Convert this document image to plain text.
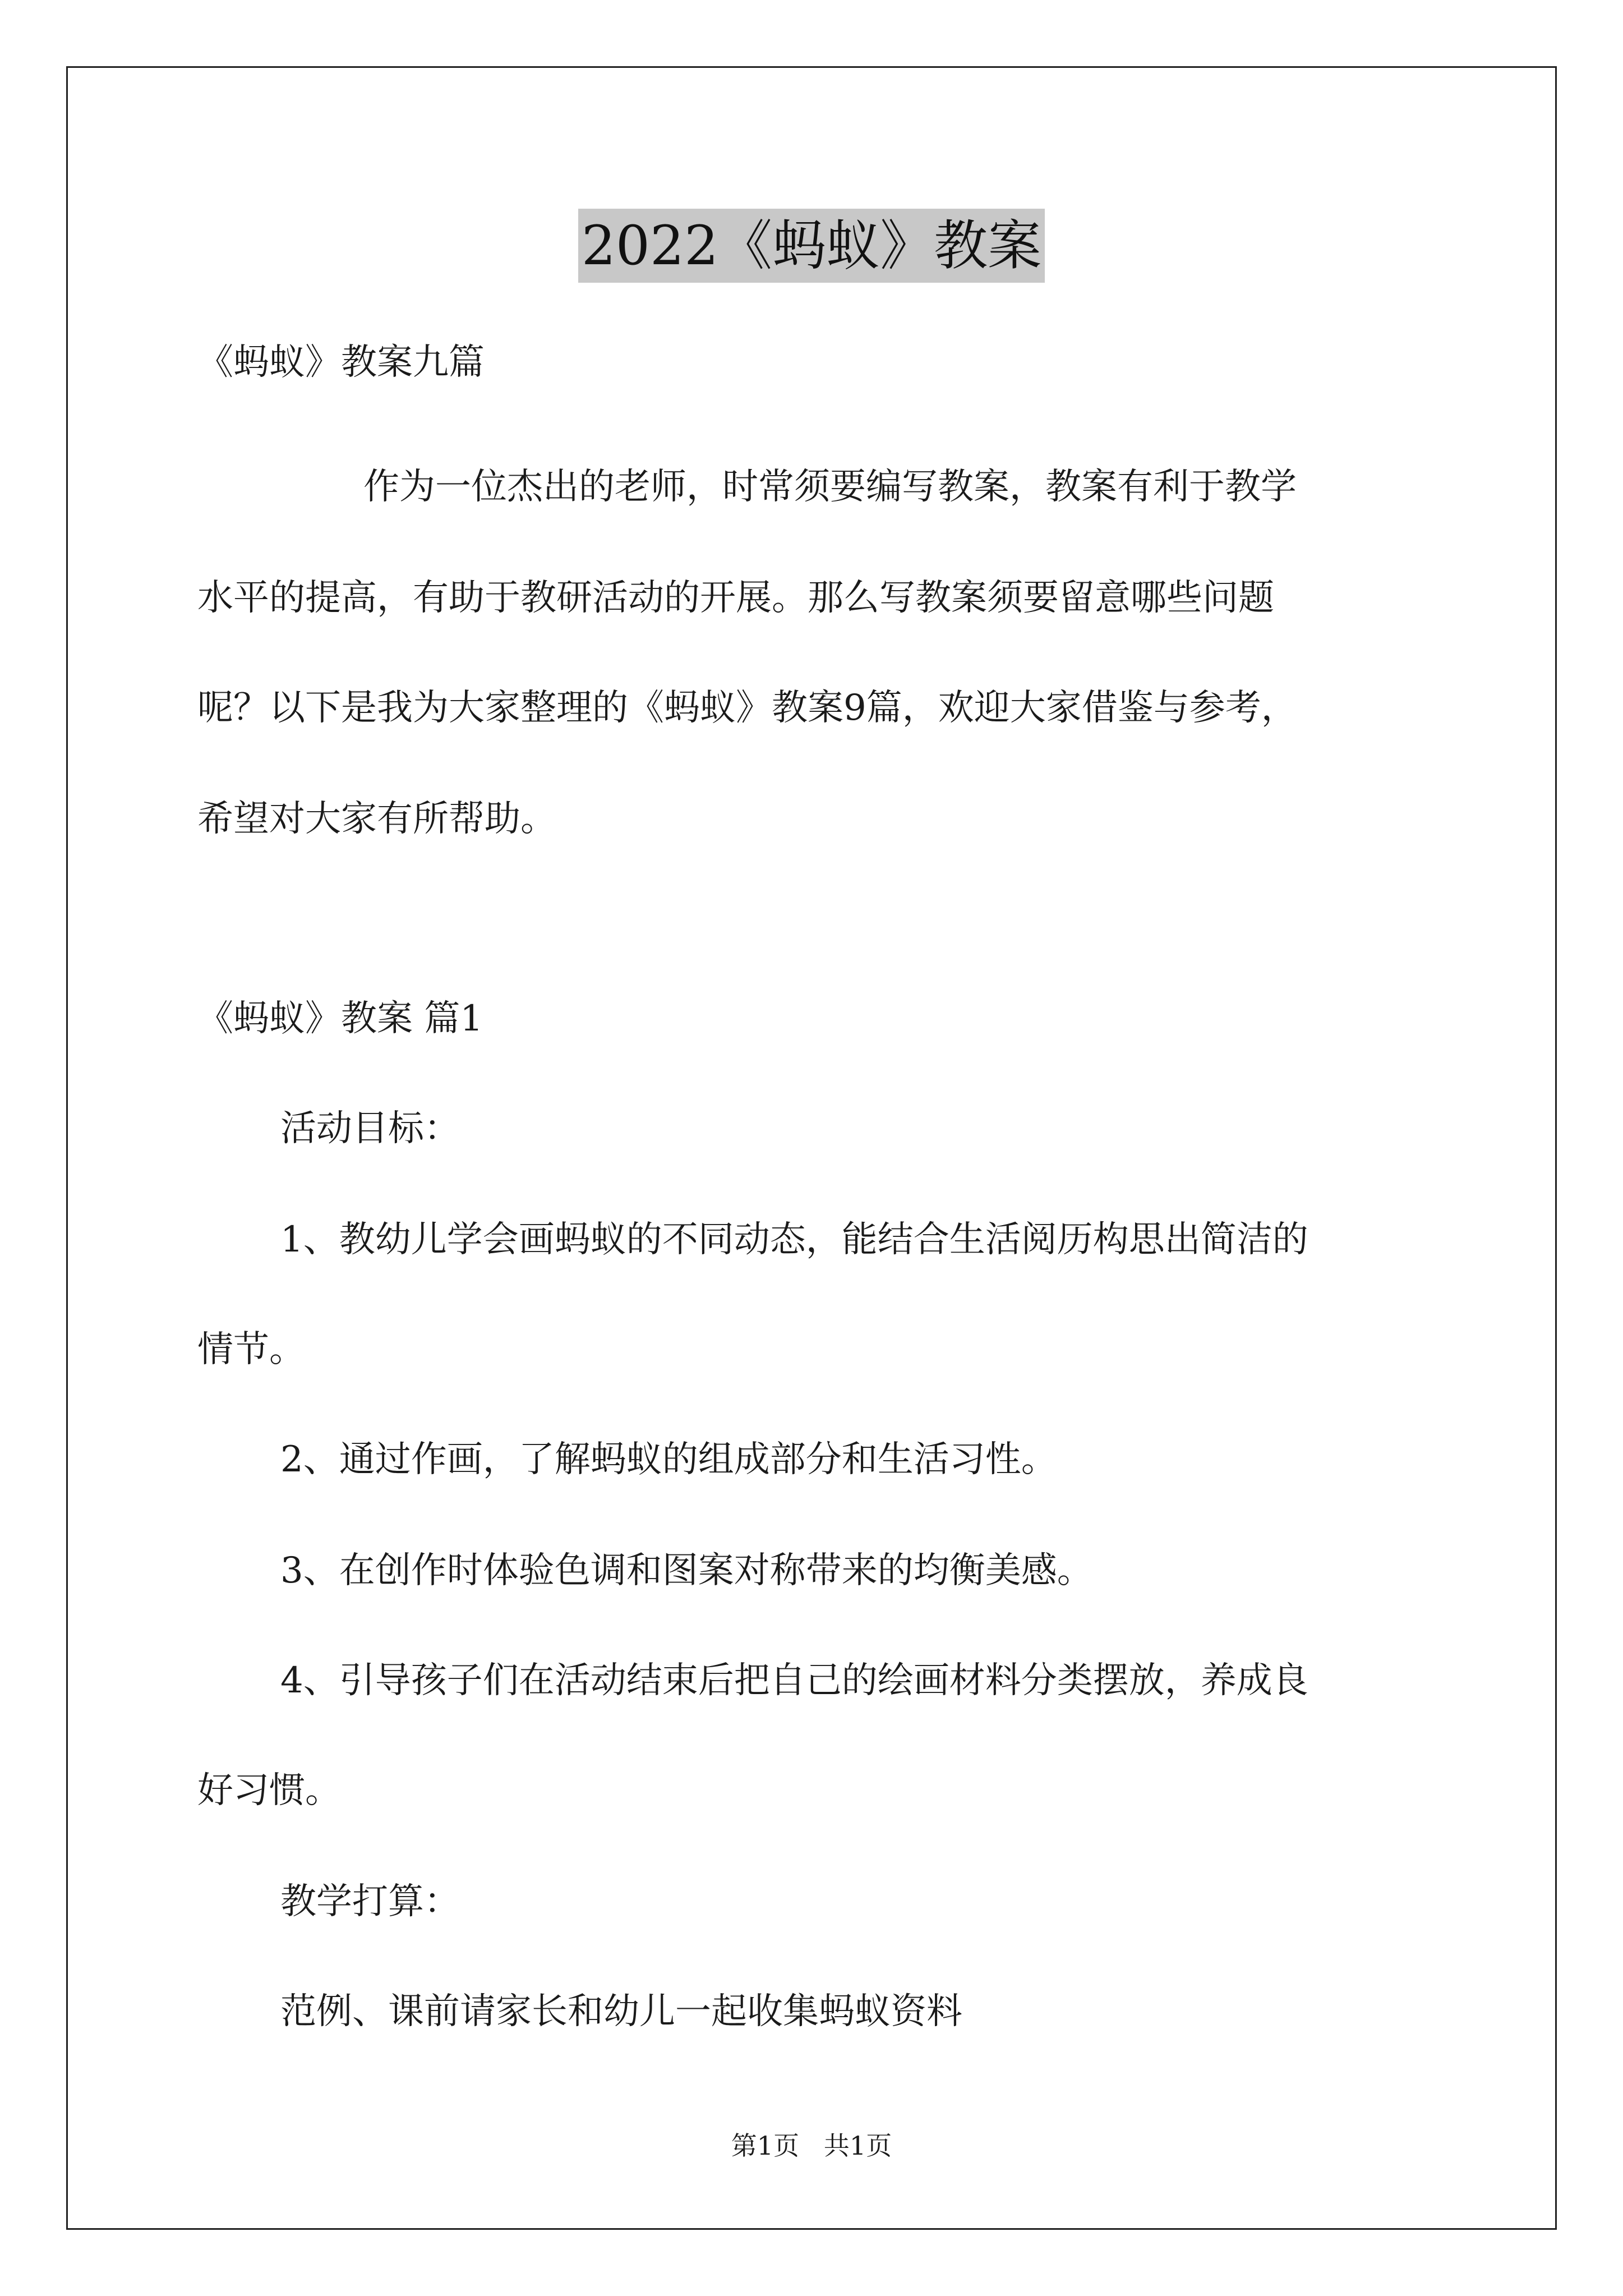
2022《蚂蚁》教案
《蚂蚁》教案九篇
作为一位杰出的老师，时常须要编写教案，教案有利于教学
水平的提高，有助于教研活动的开展。那么写教案须要留意哪些问题
呢？以下是我为大家整理的《蚂蚁》教案9篇，欢迎大家借鉴与参考，
希望对大家有所帮助。
《蚂蚁》教案 篇1
活动目标：
1、教幼儿学会画蚂蚁的不同动态，能结合生活阅历构思出简洁的
情节。
2、通过作画，了解蚂蚁的组成部分和生活习性。
3、在创作时体验色调和图案对称带来的均衡美感。
4、引导孩子们在活动结束后把自己的绘画材料分类摆放，养成良
好习惯。
教学打算：
范例、课前请家长和幼儿一起收集蚂蚁资料
第1页   共1页
